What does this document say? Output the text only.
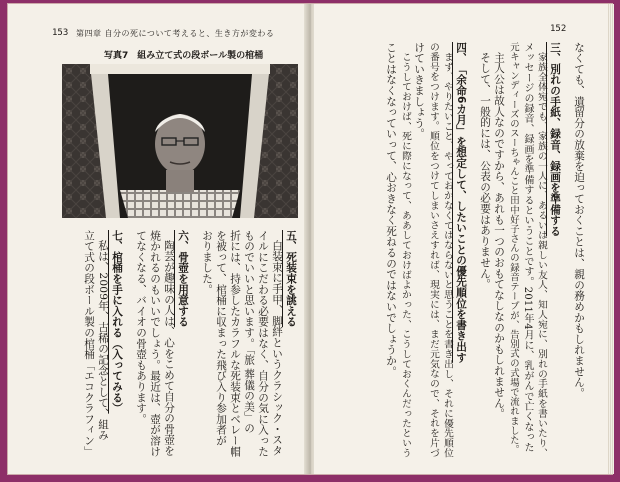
153 第四章 自分の死について考えると、生き方が変わる
写真7　組み立て式の段ボール製の棺桶
五、死装束を誂える
白装束に手甲、脚絆というクラシック・スタ
イルにこだわる必要はなく、自分の気に入った
ものでいいと思います。「旅 葬儀の美」の
折には、持参したカラフルな死装束とベレー帽
を被って、棺桶に収まった飛び入り参加者が
おりました。
六、骨壺を用意する
陶芸が趣味の人は、心をこめて自分の骨壺を
焼かれるのもいいでしょう。最近は、壺が溶け
てなくなる、バイオの骨壺もあります。
七、棺桶を手に入れる（入ってみる）
私は、2009年、古稀の記念として、組み
立て式の段ボール製の棺桶「エコクラフィン」
152
なくても、遺留分の放棄を迫っておくことは、親の務めかもしれません。
三、別れの手紙、録音、録画を準備する
家族全体宛でも、家族の一人に、あるいは親しい友人、知人宛に、別れの手紙を書いたり、
メッセージの録音、録画を準備するということです。2011年4月に、乳がんで亡くなった
元キャンディーズのスーちゃんこと田中好子さんの録音テープが、告別式の式場で流れました。
主人公は故人なのですから、あれも一つのおもてなしなのかもしれません。
そして、一般的には、公表の必要はありません。
四、「余命6カ月」を想定して、したいことの優先順位を書き出す
まず、やりたいこと、やっておかなくてはならないと思うことを書き出し、それに優先順位
の番号をつけます。順位をつけてしまいさえすれば、現実には、まだ元気なので、それを片づ
けていきましょう。
こうしておけば、死に際になって、ああしておけばよかった、こうしておくんだったという
ことはなくなっていって、心おきなく死ねるのではないでしょうか。
